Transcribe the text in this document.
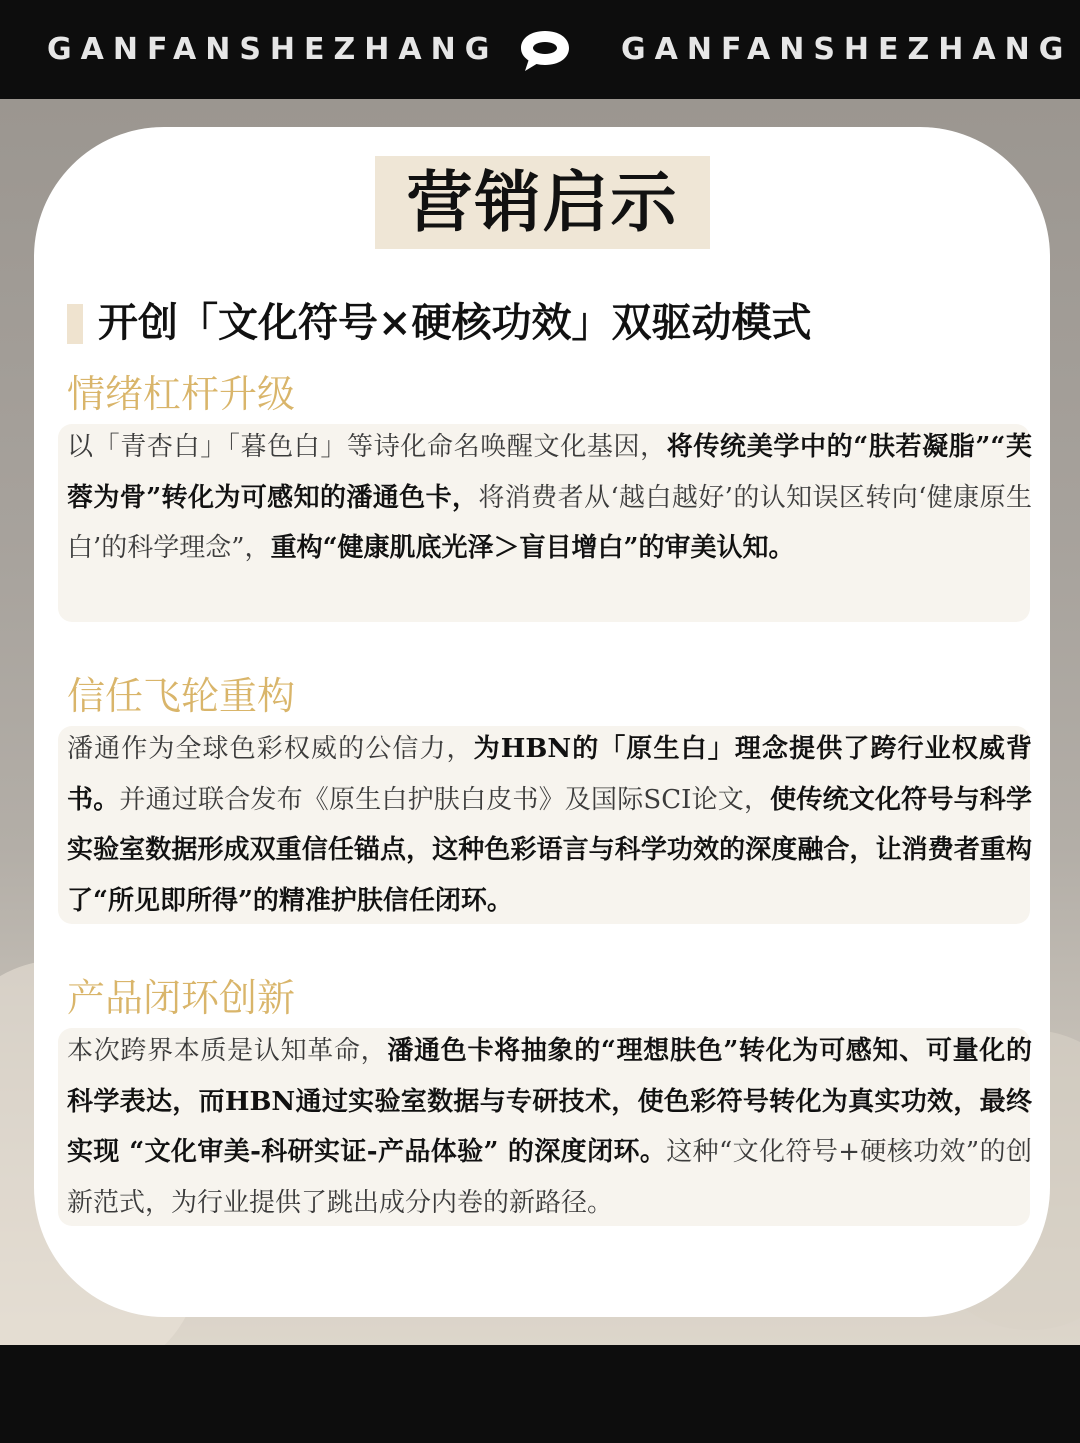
GANFANSHEZHANG	GANFANSHEZHANG
营销启示
开创「文化符号×硬核功效」双驱动模式
情绪杠杆升级
以「青杏白」「暮色白」等诗化命名唤醒文化基因，将传统美学中的“肤若凝脂”“芙蓉为骨”转化为可感知的潘通色卡，将消费者从‘越白越好’的认知误区转向‘健康原生白’的科学理念”，重构“健康肌底光泽＞盲目增白”的审美认知。
信任飞轮重构
潘通作为全球色彩权威的公信力，为HBN的「原生白」理念提供了跨行业权威背书。并通过联合发布《原生白护肤白皮书》及国际SCI论文，使传统文化符号与科学实验室数据形成双重信任锚点，这种色彩语言与科学功效的深度融合，让消费者重构了“所见即所得”的精准护肤信任闭环。
产品闭环创新
本次跨界本质是认知革命，潘通色卡将抽象的“理想肤色”转化为可感知、可量化的科学表达，而HBN通过实验室数据与专研技术，使色彩符号转化为真实功效，最终实现 “文化审美-科研实证-产品体验” 的深度闭环。这种“文化符号+硬核功效”的创新范式，为行业提供了跳出成分内卷的新路径。
